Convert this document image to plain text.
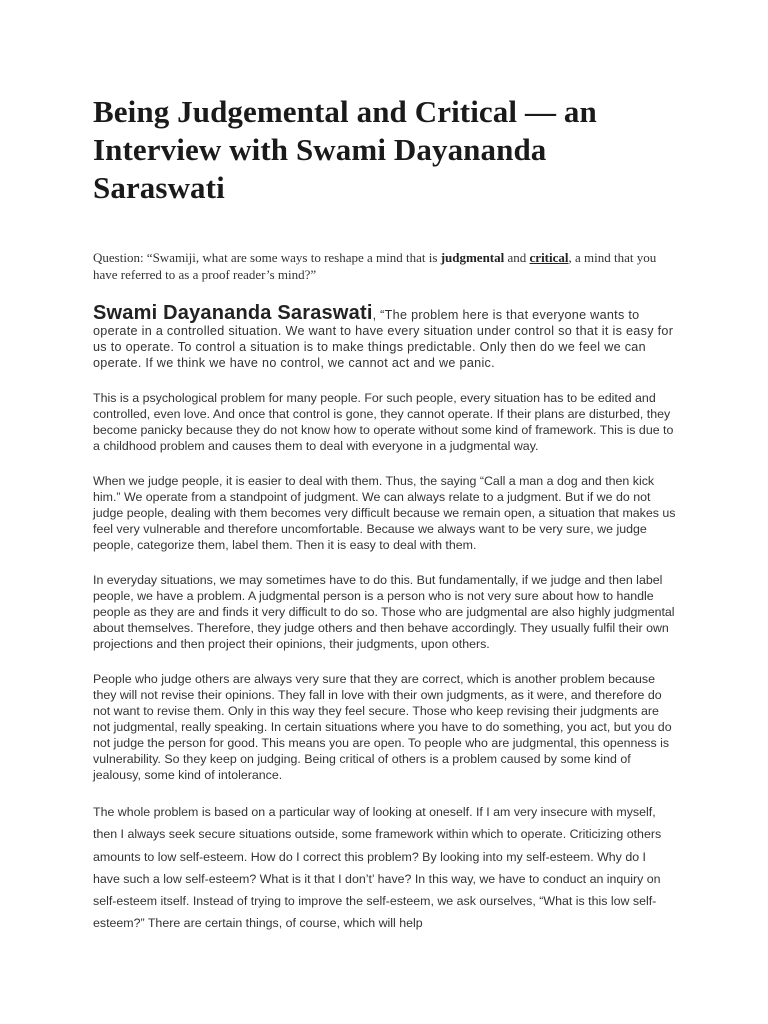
Being Judgemental and Critical — an Interview with Swami Dayananda Saraswati

Question: “Swamiji, what are some ways to reshape a mind that is judgmental and critical, a mind that you have referred to as a proof reader’s mind?”

Swami Dayananda Saraswati, “The problem here is that everyone wants to operate in a controlled situation. We want to have every situation under control so that it is easy for us to operate. To control a situation is to make things predictable. Only then do we feel we can operate. If we think we have no control, we cannot act and we panic.

This is a psychological problem for many people. For such people, every situation has to be edited and controlled, even love. And once that control is gone, they cannot operate. If their plans are disturbed, they become panicky because they do not know how to operate without some kind of framework. This is due to a childhood problem and causes them to deal with everyone in a judgmental way.

When we judge people, it is easier to deal with them. Thus, the saying “Call a man a dog and then kick him.” We operate from a standpoint of judgment. We can always relate to a judgment. But if we do not judge people, dealing with them becomes very difficult because we remain open, a situation that makes us feel very vulnerable and therefore uncomfortable. Because we always want to be very sure, we judge people, categorize them, label them. Then it is easy to deal with them.

In everyday situations, we may sometimes have to do this. But fundamentally, if we judge and then label people, we have a problem. A judgmental person is a person who is not very sure about how to handle people as they are and finds it very difficult to do so. Those who are judgmental are also highly judgmental about themselves. Therefore, they judge others and then behave accordingly. They usually fulfil their own projections and then project their opinions, their judgments, upon others.

People who judge others are always very sure that they are correct, which is another problem because they will not revise their opinions. They fall in love with their own judgments, as it were, and therefore do not want to revise them. Only in this way they feel secure. Those who keep revising their judgments are not judgmental, really speaking. In certain situations where you have to do something, you act, but you do not judge the person for good. This means you are open. To people who are judgmental, this openness is vulnerability. So they keep on judging. Being critical of others is a problem caused by some kind of jealousy, some kind of intolerance.

The whole problem is based on a particular way of looking at oneself. If I am very insecure with myself, then I always seek secure situations outside, some framework within which to operate. Criticizing others amounts to low self-esteem. How do I correct this problem? By looking into my self-esteem. Why do I have such a low self-esteem? What is it that I don’t’ have? In this way, we have to conduct an inquiry on self-esteem itself. Instead of trying to improve the self-esteem, we ask ourselves, “What is this low self-esteem?” There are certain things, of course, which will help
